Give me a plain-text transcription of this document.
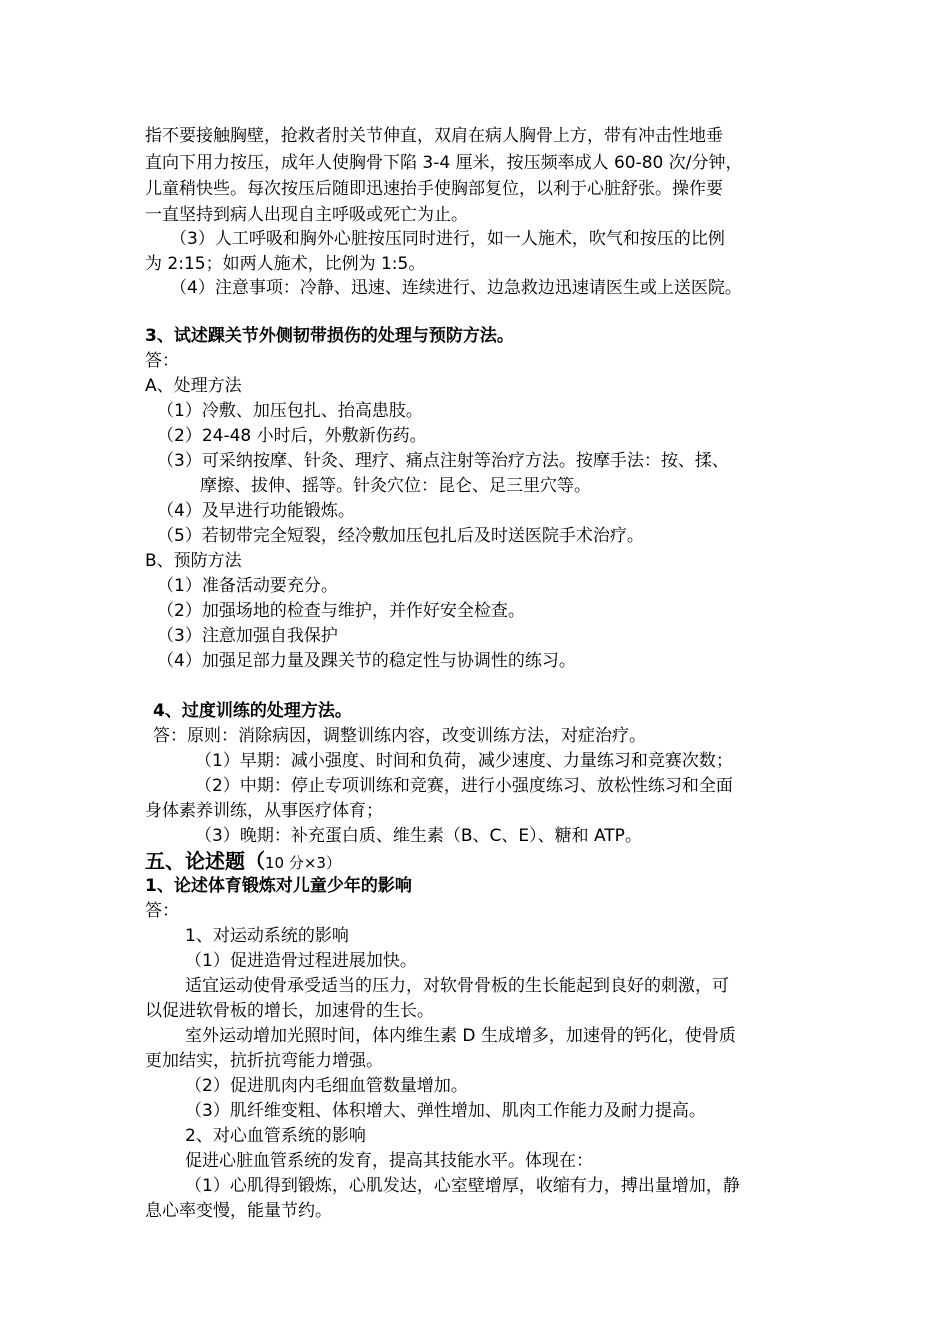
指不要接触胸壁，抢救者肘关节伸直，双肩在病人胸骨上方，带有冲击性地垂
直向下用力按压，成年人使胸骨下陷 3-4 厘米，按压频率成人 60-80 次/分钟，
儿童稍快些。每次按压后随即迅速抬手使胸部复位，以利于心脏舒张。操作要
一直坚持到病人出现自主呼吸或死亡为止。
（3）人工呼吸和胸外心脏按压同时进行，如一人施术，吹气和按压的比例
为 2:15；如两人施术，比例为 1:5。
（4）注意事项：冷静、迅速、连续进行、边急救边迅速请医生或上送医院。
3、试述踝关节外侧韧带损伤的处理与预防方法。
答：
A、处理方法
（1）冷敷、加压包扎、抬高患肢。
（2）24-48 小时后，外敷新伤药。
（3）可采纳按摩、针灸、理疗、痛点注射等治疗方法。按摩手法：按、揉、
摩擦、拔伸、摇等。针灸穴位：昆仑、足三里穴等。
（4）及早进行功能锻炼。
（5）若韧带完全短裂，经冷敷加压包扎后及时送医院手术治疗。
B、预防方法
（1）准备活动要充分。
（2）加强场地的检查与维护，并作好安全检查。
（3）注意加强自我保护
（4）加强足部力量及踝关节的稳定性与协调性的练习。
4、过度训练的处理方法。
答：原则：消除病因，调整训练内容，改变训练方法，对症治疗。
（1）早期：减小强度、时间和负荷，减少速度、力量练习和竞赛次数；
（2）中期：停止专项训练和竞赛，进行小强度练习、放松性练习和全面
身体素养训练，从事医疗体育；
（3）晚期：补充蛋白质、维生素（B、C、E）、糖和 ATP。
五、论述题（10 分×3）
1、论述体育锻炼对儿童少年的影响
答：
1、对运动系统的影响
（1）促进造骨过程进展加快。
适宜运动使骨承受适当的压力，对软骨骨板的生长能起到良好的刺激，可
以促进软骨板的增长，加速骨的生长。
室外运动增加光照时间，体内维生素 D 生成增多，加速骨的钙化，使骨质
更加结实，抗折抗弯能力增强。
（2）促进肌肉内毛细血管数量增加。
（3）肌纤维变粗、体积增大、弹性增加、肌肉工作能力及耐力提高。
2、对心血管系统的影响
促进心脏血管系统的发育，提高其技能水平。体现在：
（1）心肌得到锻炼，心肌发达，心室壁增厚，收缩有力，搏出量增加，静
息心率变慢，能量节约。
